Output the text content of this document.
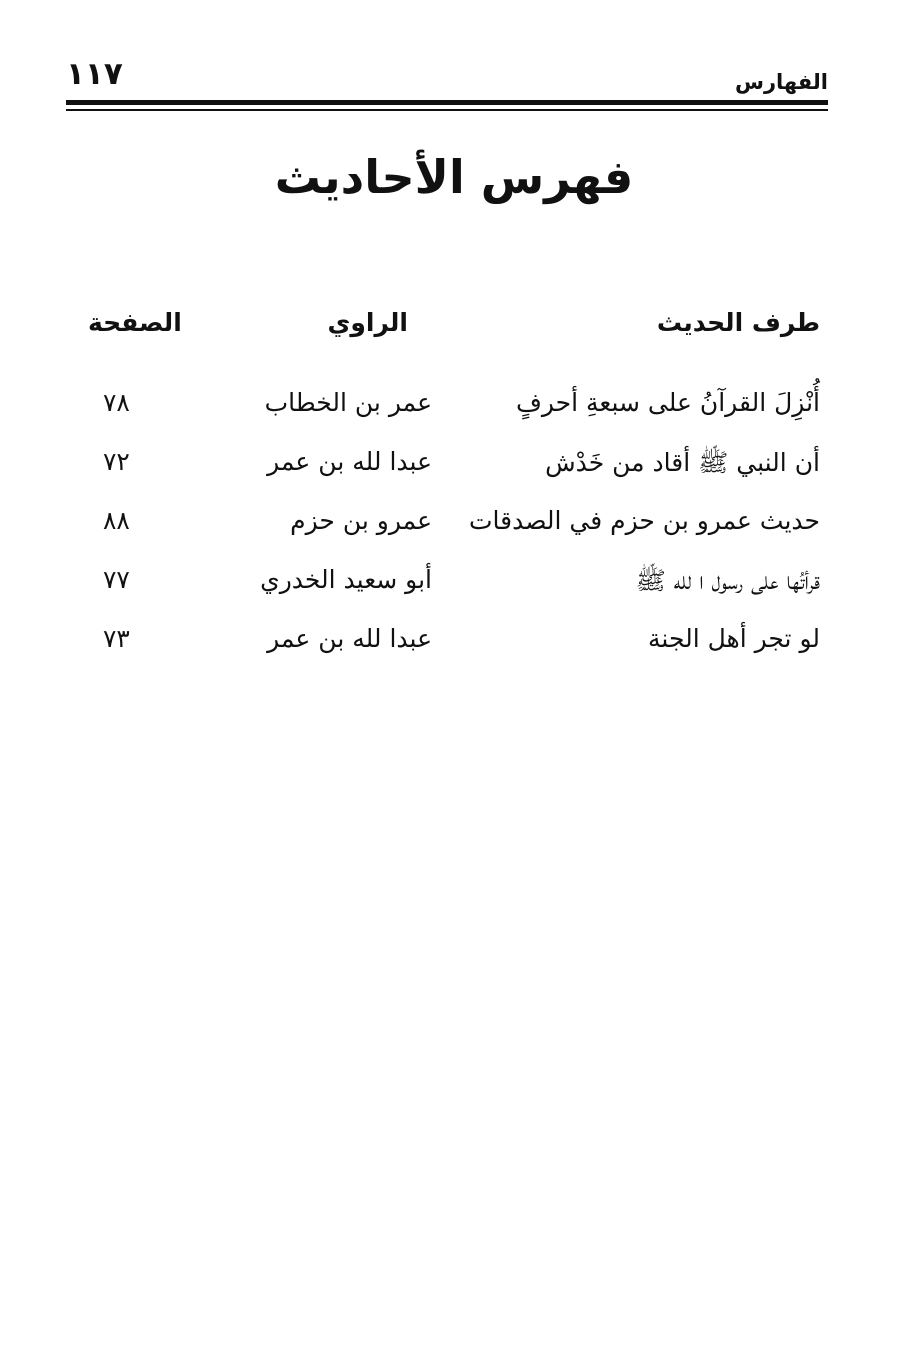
الفهارس
١١٧
فهرس الأحاديث
طرف الحديث
الراوي
الصفحة
أُنْزِلَ القرآنُ على سبعةِ أحرفٍ
عمر بن الخطاب
٧٨
أن النبي ﷺ أقاد من خَدْش
عبدا لله بن عمر
٧٢
حديث عمرو بن حزم في الصدقات
عمرو بن حزم
٨٨
قرأتُها على رسول ا لله ﷺ
أبو سعيد الخدري
٧٧
لو تجر أهل الجنة
عبدا لله بن عمر
٧٣
